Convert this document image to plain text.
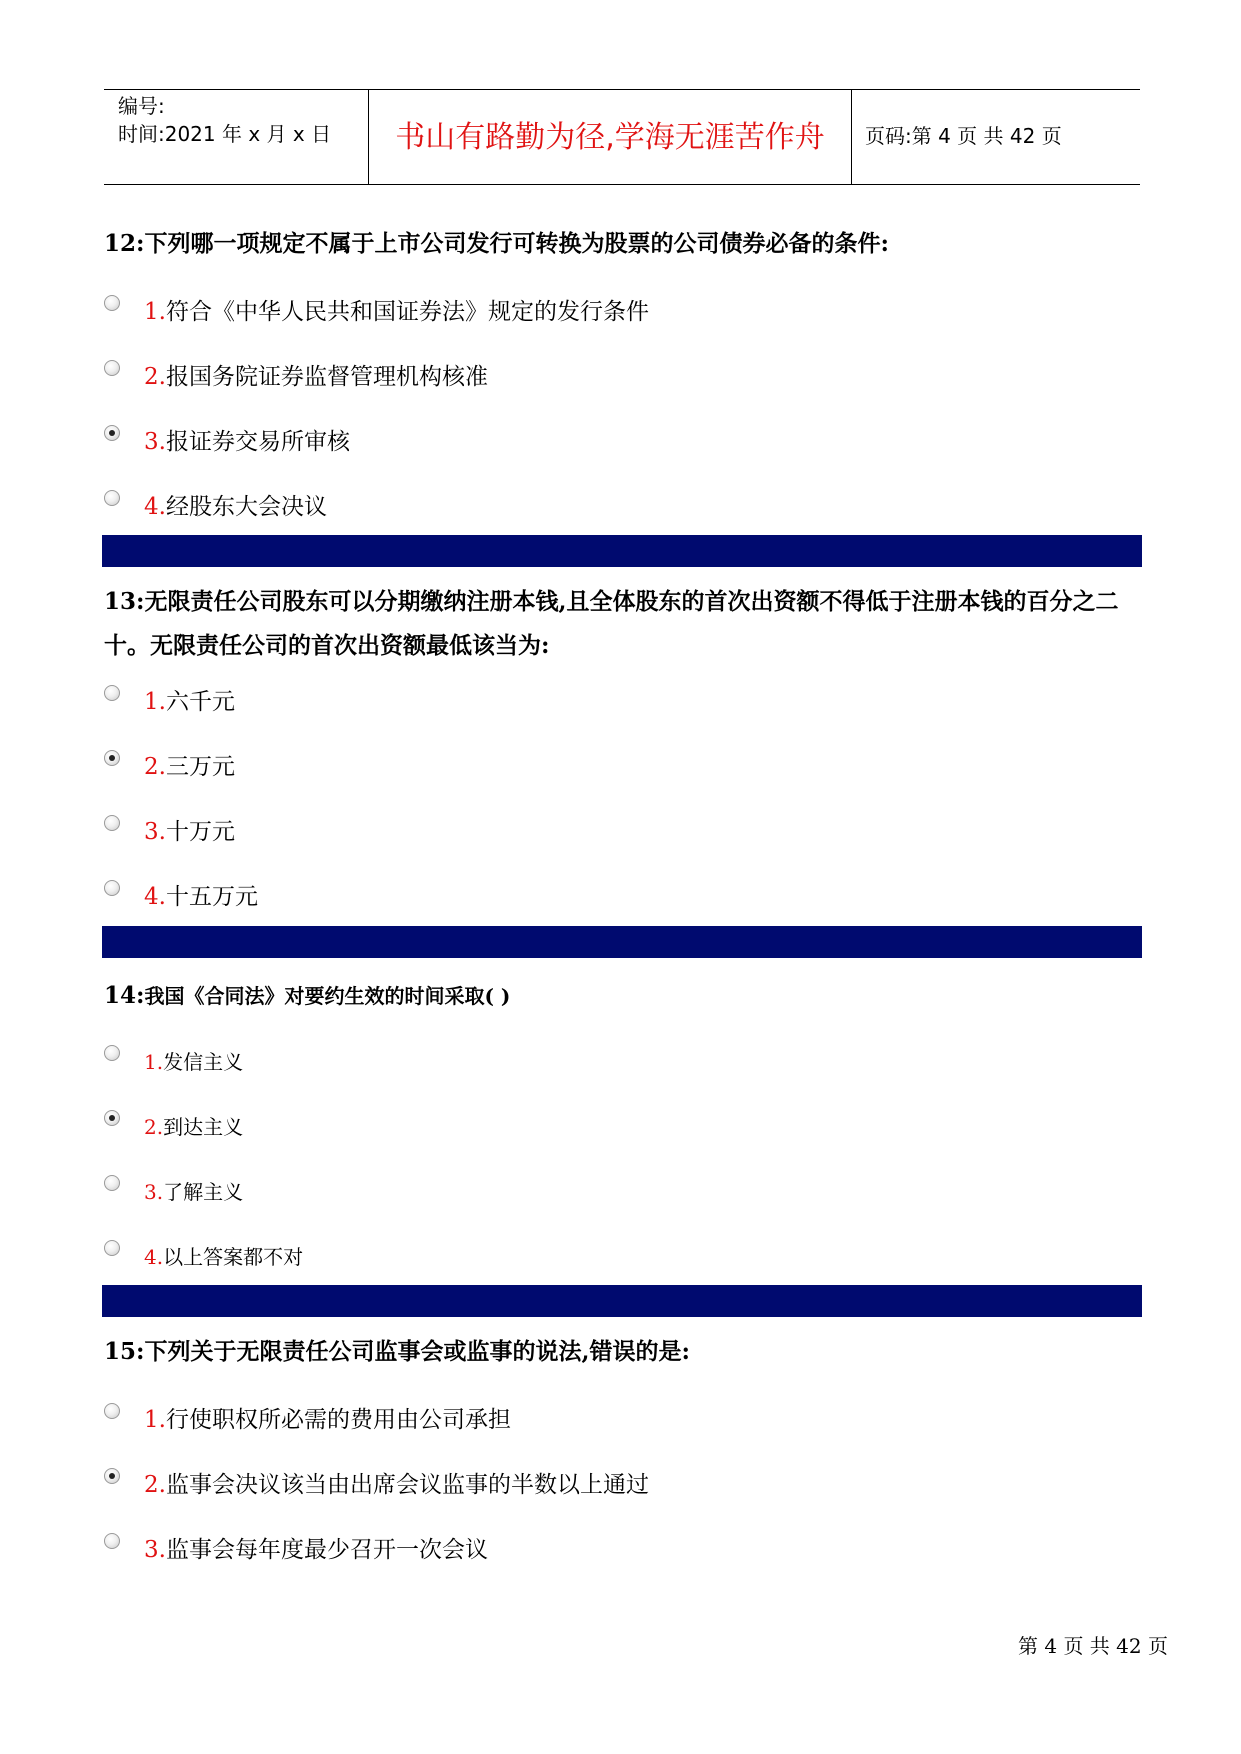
编号:
时间:2021 年 x 月 x 日	书山有路勤为径,学海无涯苦作舟	页码:第 4 页 共 42 页
12:下列哪一项规定不属于上市公司发行可转换为股票的公司债券必备的条件:
1.符合《中华人民共和国证券法》规定的发行条件
2.报国务院证券监督管理机构核准
3.报证券交易所审核
4.经股东大会决议
13:无限责任公司股东可以分期缴纳注册本钱,且全体股东的首次出资额不得低于注册本钱的百分之二十。无限责任公司的首次出资额最低该当为:
1.六千元
2.三万元
3.十万元
4.十五万元
14:我国《合同法》对要约生效的时间采取( )
1.发信主义
2.到达主义
3.了解主义
4.以上答案都不对
15:下列关于无限责任公司监事会或监事的说法,错误的是:
1.行使职权所必需的费用由公司承担
2.监事会决议该当由出席会议监事的半数以上通过
3.监事会每年度最少召开一次会议
第 4 页 共 42 页
